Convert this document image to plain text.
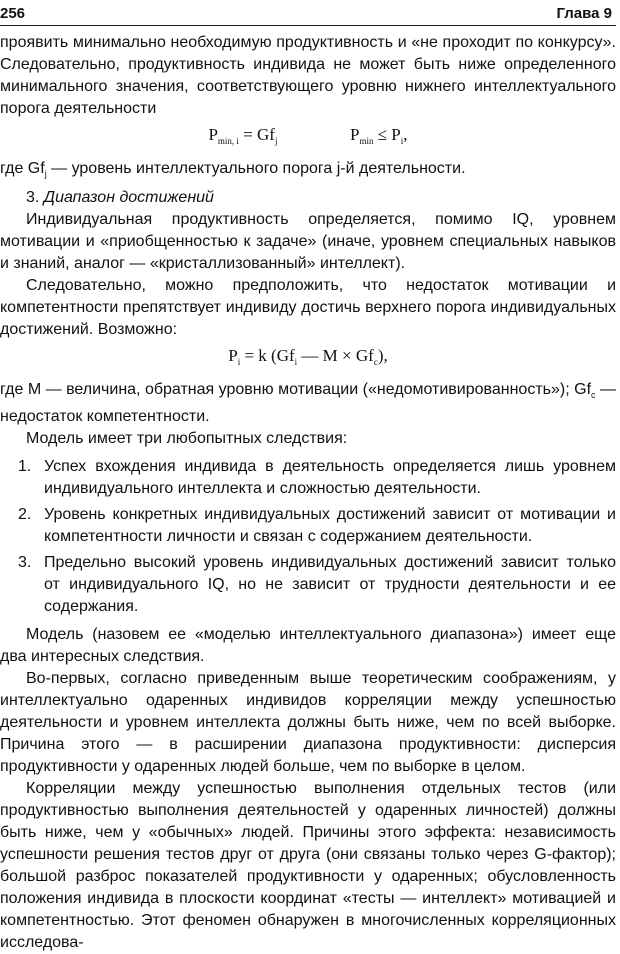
256	Глава 9

проявить минимально необходимую продуктивность и «не проходит по конкурсу». Следовательно, продуктивность индивида не может быть ниже определенного минимального значения, соответствующего уровню нижнего интеллектуального порога деятельности

$P_{min, i} = Gf_j$	$P_{min} \le P_i$,

где $Gf_j$ — уровень интеллектуального порога j-й деятельности.

3. Диапазон достижений

Индивидуальная продуктивность определяется, помимо IQ, уровнем мотивации и «приобщенностью к задаче» (иначе, уровнем специальных навыков и знаний, аналог — «кристаллизованный» интеллект).

Следовательно, можно предположить, что недостаток мотивации и компетентности препятствует индивиду достичь верхнего порога индивидуальных достижений. Возможно:

$P_i = k$ ($Gf_i$ — $M \times Gf_c$),

где M — величина, обратная уровню мотивации («недомотивированность»); $Gf_c$ — недостаток компетентности.

Модель имеет три любопытных следствия:

1. Успех вхождения индивида в деятельность определяется лишь уровнем индивидуального интеллекта и сложностью деятельности.
2. Уровень конкретных индивидуальных достижений зависит от мотивации и компетентности личности и связан с содержанием деятельности.
3. Предельно высокий уровень индивидуальных достижений зависит только от индивидуального IQ, но не зависит от трудности деятельности и ее содержания.

Модель (назовем ее «моделью интеллектуального диапазона») имеет еще два интересных следствия.

Во-первых, согласно приведенным выше теоретическим соображениям, у интеллектуально одаренных индивидов корреляции между успешностью деятельности и уровнем интеллекта должны быть ниже, чем по всей выборке. Причина этого — в расширении диапазона продуктивности: дисперсия продуктивности у одаренных людей больше, чем по выборке в целом.

Корреляции между успешностью выполнения отдельных тестов (или продуктивностью выполнения деятельностей у одаренных личностей) должны быть ниже, чем у «обычных» людей. Причины этого эффекта: независимость успешности решения тестов друг от друга (они связаны только через G-фактор); большой разброс показателей продуктивности у одаренных; обусловленность положения индивида в плоскости координат «тесты — интеллект» мотивацией и компетентностью. Этот феномен обнаружен в многочисленных корреляционных исследова-
